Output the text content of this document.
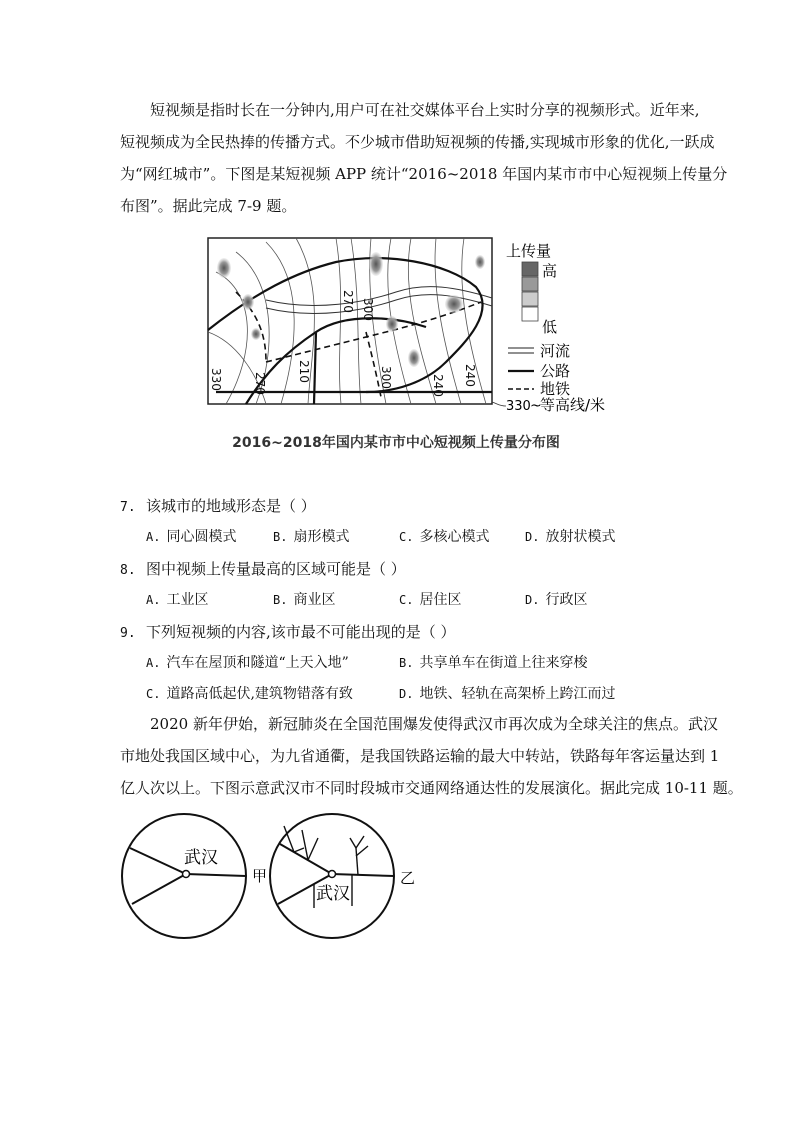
短视频是指时长在一分钟内,用户可在社交媒体平台上实时分享的视频形式。近年来,
短视频成为全民热捧的传播方式。不少城市借助短视频的传播,实现城市形象的优化,一跃成
为“网红城市”。下图是某短视频 APP 统计“2016~2018 年国内某市市中心短视频上传量分
布图”。据此完成 7-9 题。
300
270
330	270
210	300	240 240
上传量
高
低
河流
公路
地铁
330 ~
等高线/米
2016~2018年国内某市市中心短视频上传量分布图
7. 该城市的地域形态是（ ）
A. 同心圆模式	B. 扇形模式	C. 多核心模式	D. 放射状模式
8. 图中视频上传量最高的区域可能是（ ）
A. 工业区	B. 商业区	C. 居住区	D. 行政区
9. 下列短视频的内容,该市最不可能出现的是（ ）
A. 汽车在屋顶和隧道“上天入地”	B. 共享单车在街道上往来穿梭
C. 道路高低起伏,建筑物错落有致	D. 地铁、轻轨在高架桥上跨江而过
2020 新年伊始，新冠肺炎在全国范围爆发使得武汉市再次成为全球关注的焦点。武汉
市地处我国区域中心，为九省通衢，是我国铁路运输的最大中转站，铁路每年客运量达到 1
亿人次以上。下图示意武汉市不同时段城市交通网络通达性的发展演化。据此完成 10-11 题。
武汉
甲
武汉
乙
